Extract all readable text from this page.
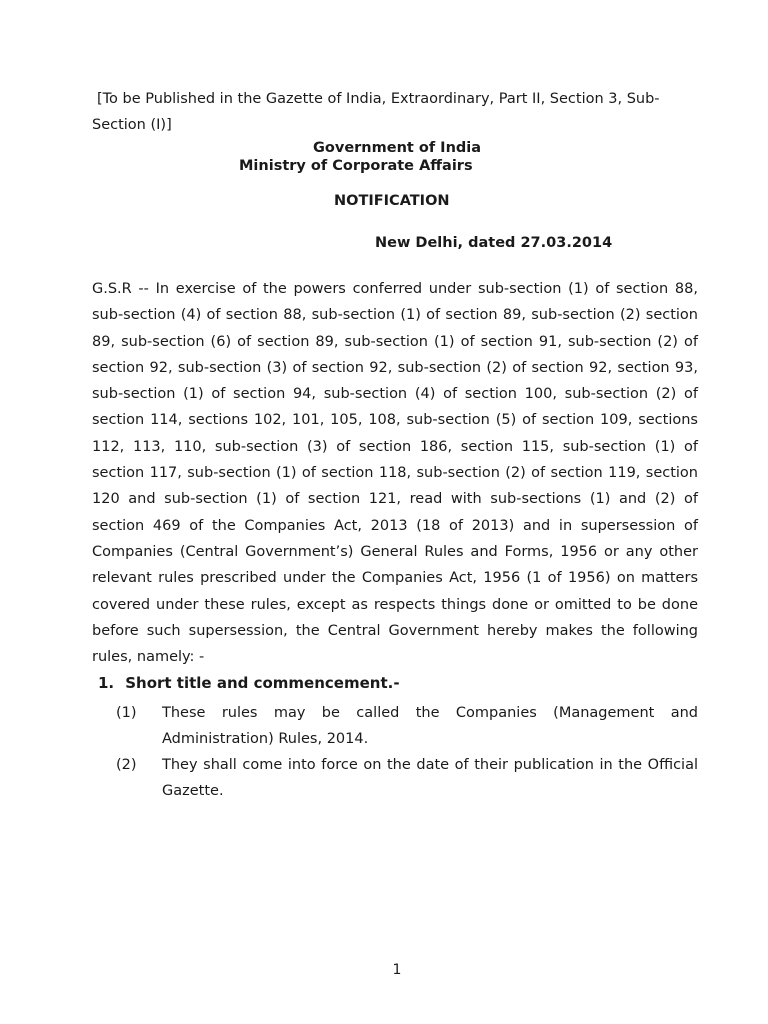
[To be Published in the Gazette of India, Extraordinary, Part II, Section 3, Sub-Section (I)]
Government of India
Ministry of Corporate Affairs
NOTIFICATION
New Delhi, dated 27.03.2014
G.S.R -- In exercise of the powers conferred under sub-section (1) of section 88, sub-section (4) of section 88, sub-section (1) of section 89, sub-section (2) section 89, sub-section (6) of section 89, sub-section (1) of section 91, sub-section (2) of section 92, sub-section (3) of section 92, sub-section (2) of section 92, section 93, sub-section (1) of section 94, sub-section (4) of section 100, sub-section (2) of section 114, sections 102, 101, 105, 108, sub-section (5) of section 109, sections 112, 113, 110, sub-section (3) of section 186, section 115, sub-section (1) of section 117, sub-section (1) of section 118, sub-section (2) of section 119, section 120 and sub-section (1) of section 121, read with sub-sections (1) and (2) of section 469 of the Companies Act, 2013 (18 of 2013) and in supersession of Companies (Central Government’s) General Rules and Forms, 1956 or any other relevant rules prescribed under the Companies Act, 1956 (1 of 1956) on matters covered under these rules, except as respects things done or omitted to be done before such supersession, the Central Government hereby makes the following rules, namely: -
1. Short title and commencement.-
(1) These rules may be called the Companies (Management and Administration) Rules, 2014.
(2) They shall come into force on the date of their publication in the Official Gazette.
1
